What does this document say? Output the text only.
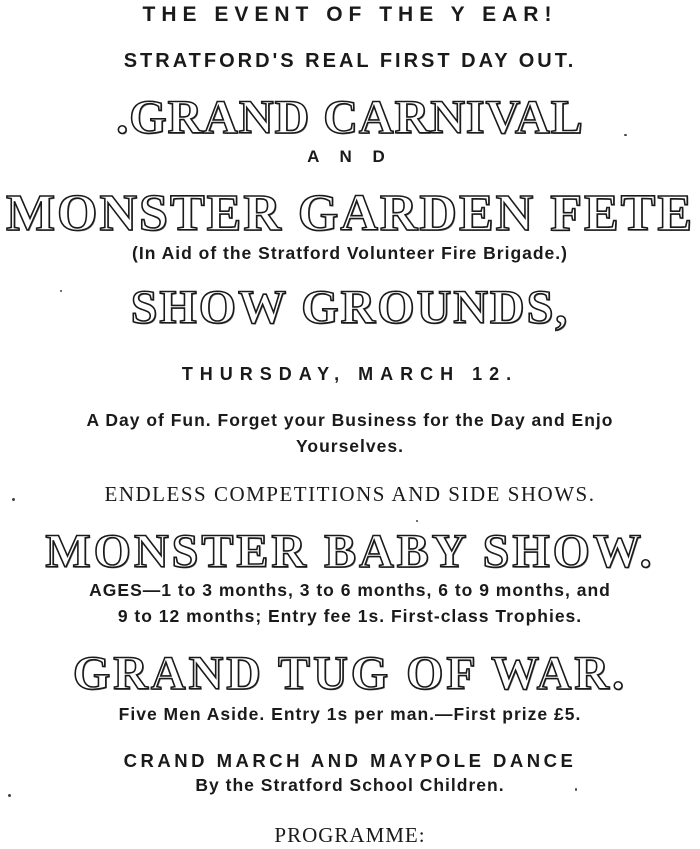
THE EVENT OF THE Y EAR!
STRATFORD'S REAL FIRST DAY OUT.
.GRAND CARNIVAL
A N D
MONSTER GARDEN FETE
(In Aid of the Stratford Volunteer Fire Brigade.)
SHOW GROUNDS,
THURSDAY, MARCH 12.
A Day of Fun. Forget your Business for the Day and Enjo
Yourselves.
ENDLESS COMPETITIONS AND SIDE SHOWS.
MONSTER BABY SHOW.
AGES—1 to 3 months, 3 to 6 months, 6 to 9 months, and
9 to 12 months; Entry fee 1s. First-class Trophies.
GRAND TUG OF WAR.
Five Men Aside. Entry 1s per man.—First prize £5.
CRAND MARCH AND MAYPOLE DANCE
By the Stratford School Children.
PROGRAMME:
